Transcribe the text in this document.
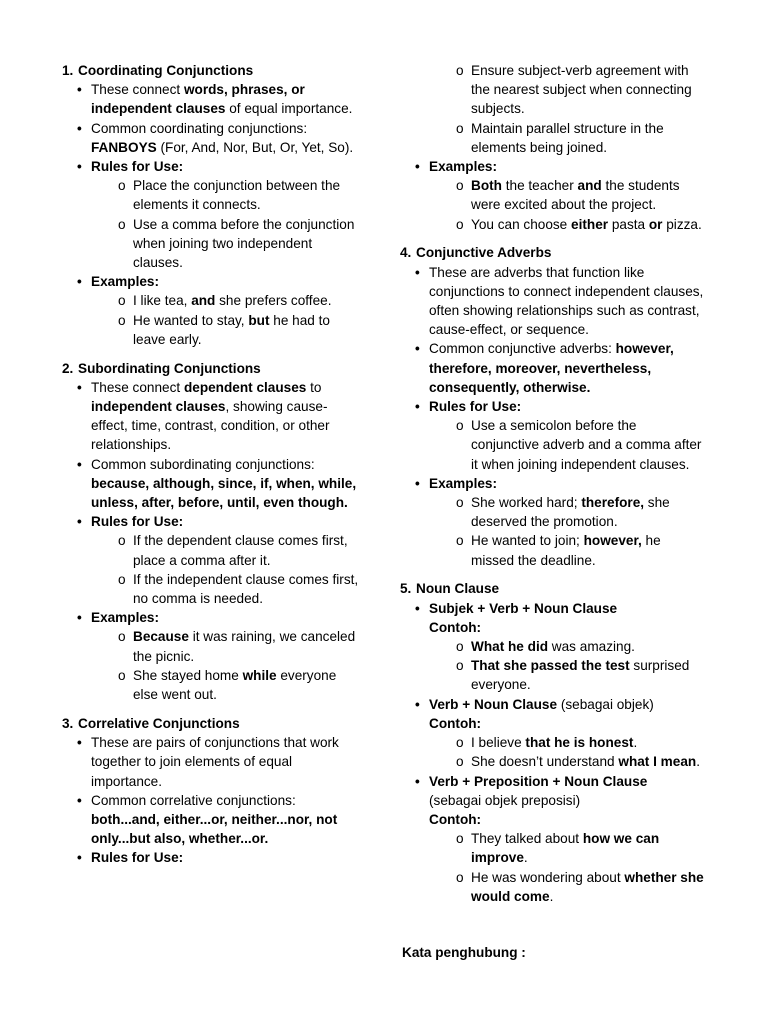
1. Coordinating Conjunctions
• These connect words, phrases, or independent clauses of equal importance.
• Common coordinating conjunctions: FANBOYS (For, And, Nor, But, Or, Yet, So).
• Rules for Use:
o Place the conjunction between the elements it connects.
o Use a comma before the conjunction when joining two independent clauses.
• Examples:
o I like tea, and she prefers coffee.
o He wanted to stay, but he had to leave early.
2. Subordinating Conjunctions
• These connect dependent clauses to independent clauses, showing cause-effect, time, contrast, condition, or other relationships.
• Common subordinating conjunctions: because, although, since, if, when, while, unless, after, before, until, even though.
• Rules for Use:
o If the dependent clause comes first, place a comma after it.
o If the independent clause comes first, no comma is needed.
• Examples:
o Because it was raining, we canceled the picnic.
o She stayed home while everyone else went out.
3. Correlative Conjunctions
• These are pairs of conjunctions that work together to join elements of equal importance.
• Common correlative conjunctions: both...and, either...or, neither...nor, not only...but also, whether...or.
• Rules for Use:
o Ensure subject-verb agreement with the nearest subject when connecting subjects.
o Maintain parallel structure in the elements being joined.
• Examples:
o Both the teacher and the students were excited about the project.
o You can choose either pasta or pizza.
4. Conjunctive Adverbs
• These are adverbs that function like conjunctions to connect independent clauses, often showing relationships such as contrast, cause-effect, or sequence.
• Common conjunctive adverbs: however, therefore, moreover, nevertheless, consequently, otherwise.
• Rules for Use:
o Use a semicolon before the conjunctive adverb and a comma after it when joining independent clauses.
• Examples:
o She worked hard; therefore, she deserved the promotion.
o He wanted to join; however, he missed the deadline.
5. Noun Clause
• Subjek + Verb + Noun Clause
Contoh:
o What he did was amazing.
o That she passed the test surprised everyone.
• Verb + Noun Clause (sebagai objek)
Contoh:
o I believe that he is honest.
o She doesn’t understand what I mean.
• Verb + Preposition + Noun Clause
(sebagai objek preposisi)
Contoh:
o They talked about how we can improve.
o He was wondering about whether she would come.
Kata penghubung :
